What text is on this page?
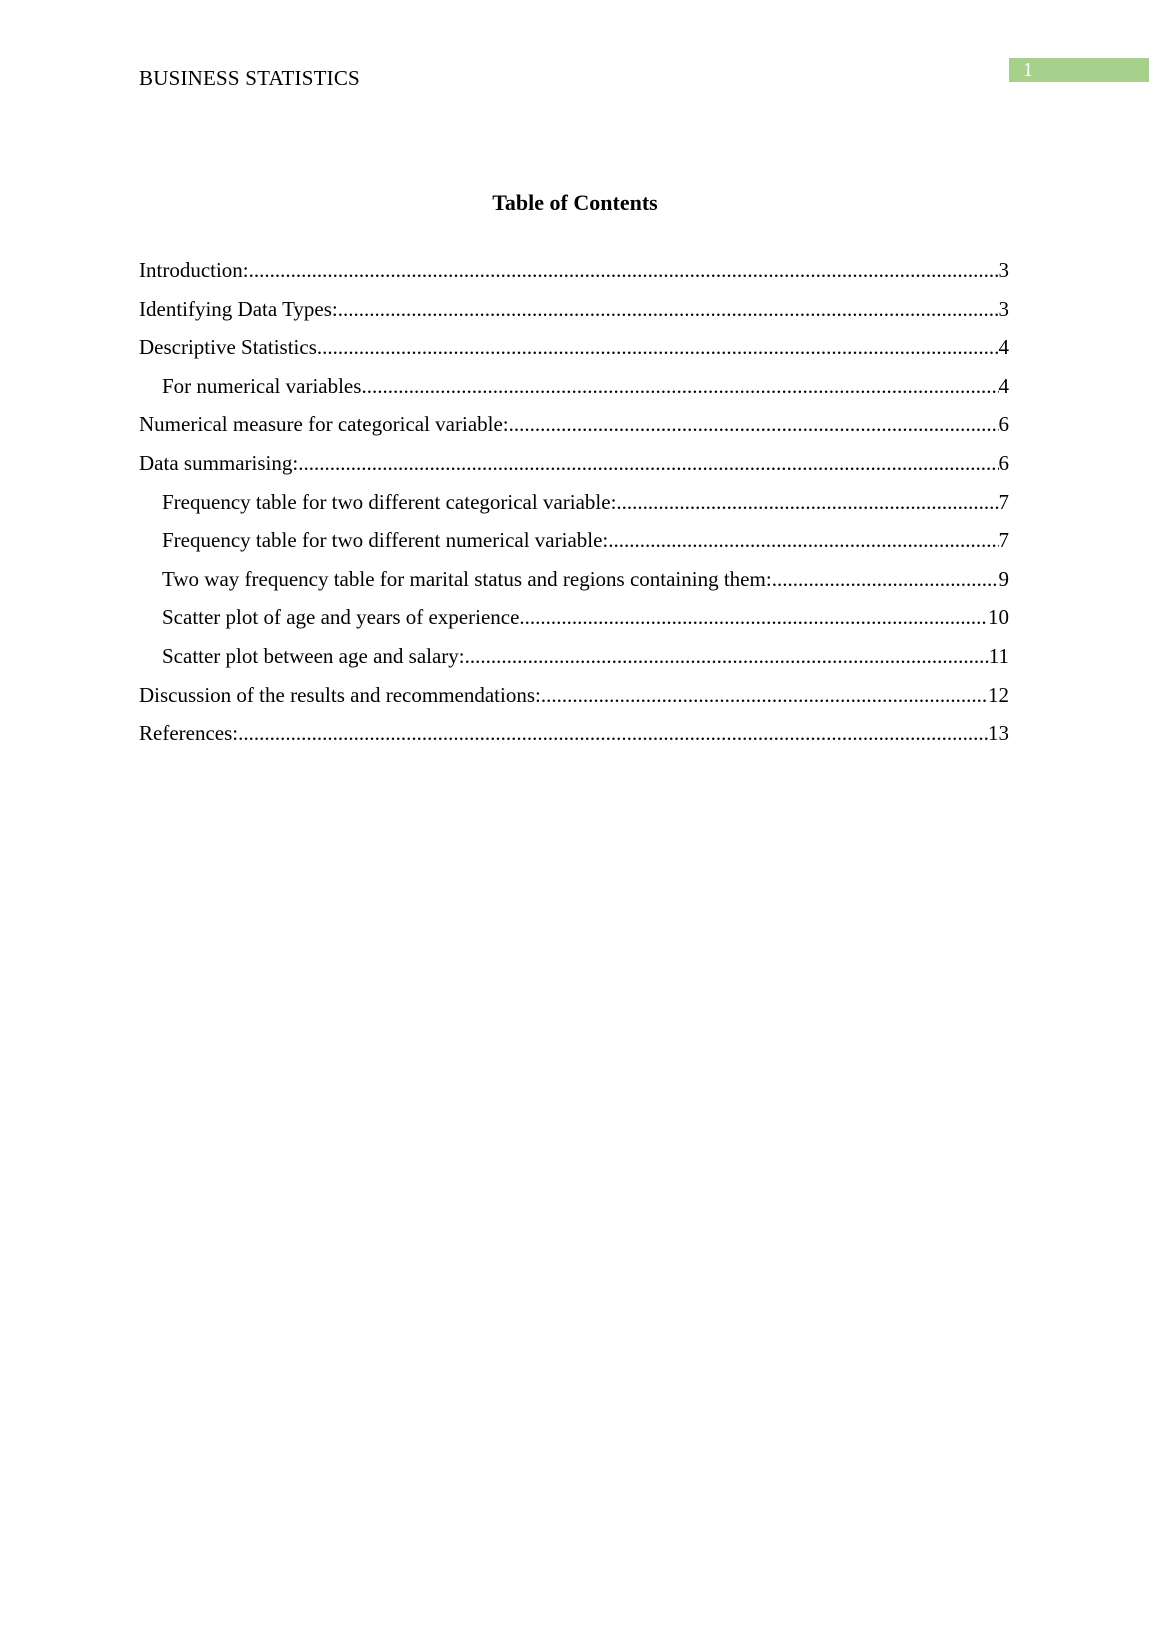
BUSINESS STATISTICS	1
Table of Contents
Introduction: .....	3
Identifying Data Types: .....	3
Descriptive Statistics .....	4
For numerical variables .....	4
Numerical measure for categorical variable: .....	6
Data summarising: .....	6
Frequency table for two different categorical variable: .....	7
Frequency table for two different numerical variable: .....	7
Two way frequency table for marital status and regions containing them: .....	9
Scatter plot of age and years of experience .....	10
Scatter plot between age and salary: .....	11
Discussion of the results and recommendations: .....	12
References: .....	13
